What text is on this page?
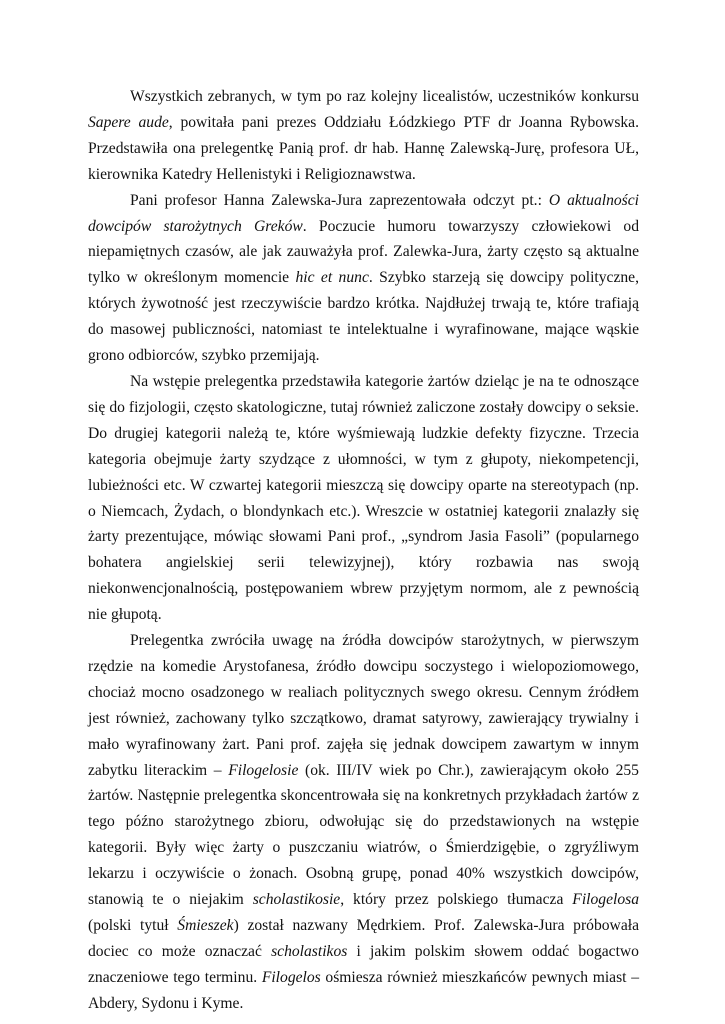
Wszystkich zebranych, w tym po raz kolejny licealistów, uczestników konkursu Sapere aude, powitała pani prezes Oddziału Łódzkiego PTF dr Joanna Rybowska. Przedstawiła ona prelegentkę Panią prof. dr hab. Hannę Zalewską-Jurę, profesora UŁ, kierownika Katedry Hellenistyki i Religioznawstwa.

Pani profesor Hanna Zalewska-Jura zaprezentowała odczyt pt.: O aktualności dowcipów starożytnych Greków. Poczucie humoru towarzyszy człowiekowi od niepamiętnych czasów, ale jak zauważyła prof. Zalewka-Jura, żarty często są aktualne tylko w określonym momencie hic et nunc. Szybko starzeją się dowcipy polityczne, których żywotność jest rzeczywiście bardzo krótka. Najdłużej trwają te, które trafiają do masowej publiczności, natomiast te intelektualne i wyrafinowane, mające wąskie grono odbiorców, szybko przemijają.

Na wstępie prelegentka przedstawiła kategorie żartów dzieląc je na te odnoszące się do fizjologii, często skatologiczne, tutaj również zaliczone zostały dowcipy o seksie. Do drugiej kategorii należą te, które wyśmiewają ludzkie defekty fizyczne. Trzecia kategoria obejmuje żarty szydzące z ułomności, w tym z głupoty, niekompetencji, lubieżności etc. W czwartej kategorii mieszczą się dowcipy oparte na stereotypach (np. o Niemcach, Żydach, o blondynkach etc.). Wreszcie w ostatniej kategorii znalazły się żarty prezentujące, mówiąc słowami Pani prof., „syndrom Jasia Fasoli” (popularnego bohatera angielskiej serii telewizyjnej), który rozbawia nas swoją niekonwencjonalnością, postępowaniem wbrew przyjętym normom, ale z pewnością nie głupotą.

Prelegentka zwróciła uwagę na źródła dowcipów starożytnych, w pierwszym rzędzie na komedie Arystofanesa, źródło dowcipu soczystego i wielopoziomowego, chociaż mocno osadzonego w realiach politycznych swego okresu. Cennym źródłem jest również, zachowany tylko szczątkowo, dramat satyrowy, zawierający trywialny i mało wyrafinowany żart. Pani prof. zajęła się jednak dowcipem zawartym w innym zabytku literackim – Filogelosie (ok. III/IV wiek po Chr.), zawierającym około 255 żartów. Następnie prelegentka skoncentrowała się na konkretnych przykładach żartów z tego późno starożytnego zbioru, odwołując się do przedstawionych na wstępie kategorii. Były więc żarty o puszczaniu wiatrów, o Śmierdzigębie, o zgryźliwym lekarzu i oczywiście o żonach. Osobną grupę, ponad 40% wszystkich dowcipów, stanowią te o niejakim scholastikosie, który przez polskiego tłumacza Filogelosa (polski tytuł Śmieszek) został nazwany Mędrkiem. Prof. Zalewska-Jura próbowała dociec co może oznaczać scholastikos i jakim polskim słowem oddać bogactwo znaczeniowe tego terminu. Filogelos ośmiesza również mieszkańców pewnych miast – Abdery, Sydonu i Kyme.
